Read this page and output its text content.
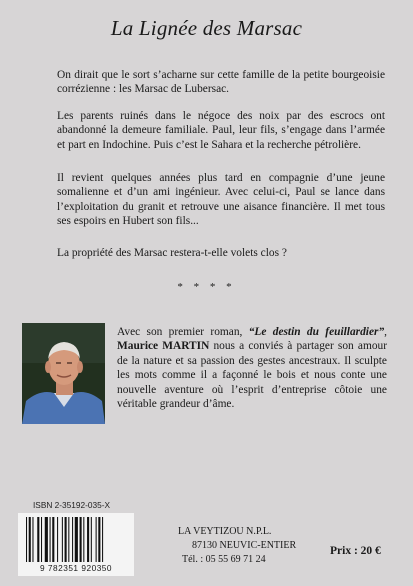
La Lignée des Marsac

On dirait que le sort s’acharne sur cette famille de la petite bourgeoisie corrézienne : les Marsac de Lubersac.

Les parents ruinés dans le négoce des noix par des escrocs ont abandonné la demeure familiale. Paul, leur fils, s’engage dans l’armée et part en Indochine. Puis c’est le Sahara et la recherche pétrolière.

Il revient quelques années plus tard en compagnie d’une jeune somalienne et d’un ami ingénieur. Avec celui-ci, Paul se lance dans l’exploitation du granit et retrouve une aisance financière. Il met tous ses espoirs en Hubert son fils...

La propriété des Marsac restera-t-elle volets clos ?

* * * *

Avec son premier roman, “Le destin du feuillardier”, Maurice MARTIN nous a conviés à partager son amour de la nature et sa passion des gestes ancestraux. Il sculpte les mots comme il a façonné le bois et nous conte une nouvelle aventure où l’esprit d’entreprise côtoie une véritable grandeur d’âme.

ISBN 2-35192-035-X
9 782351 920350
LA VEYTIZOU N.P.L.
87130 NEUVIC-ENTIER
Tél. : 05 55 69 71 24
Prix : 20 €
